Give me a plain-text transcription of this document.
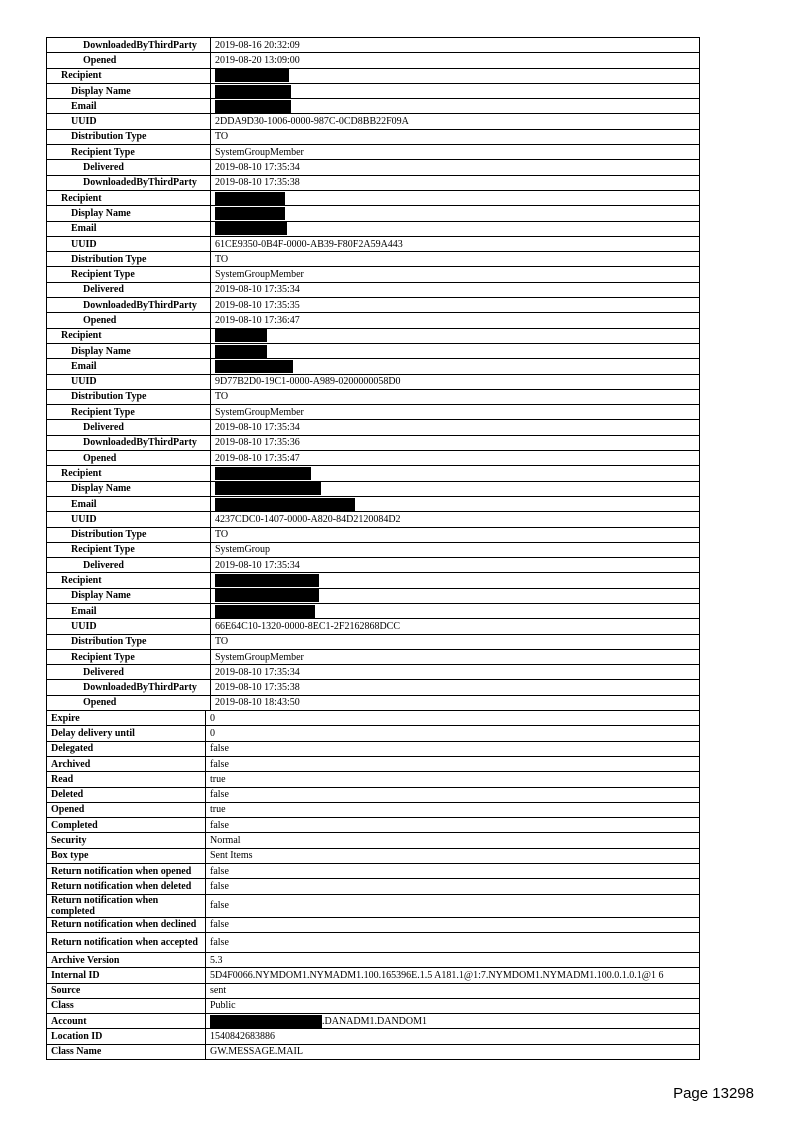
DownloadedByThirdParty	2019-08-16 20:32:09
Opened	2019-08-20 13:09:00
Recipient	
Display Name	
Email	
UUID	2DDA9D30-1006-0000-987C-0CD8BB22F09A
Distribution Type	TO
Recipient Type	SystemGroupMember
Delivered	2019-08-10 17:35:34
DownloadedByThirdParty	2019-08-10 17:35:38
Recipient	
Display Name	
Email	
UUID	61CE9350-0B4F-0000-AB39-F80F2A59A443
Distribution Type	TO
Recipient Type	SystemGroupMember
Delivered	2019-08-10 17:35:34
DownloadedByThirdParty	2019-08-10 17:35:35
Opened	2019-08-10 17:36:47
Recipient	
Display Name	
Email	
UUID	9D77B2D0-19C1-0000-A989-0200000058D0
Distribution Type	TO
Recipient Type	SystemGroupMember
Delivered	2019-08-10 17:35:34
DownloadedByThirdParty	2019-08-10 17:35:36
Opened	2019-08-10 17:35:47
Recipient	
Display Name	
Email	
UUID	4237CDC0-1407-0000-A820-84D2120084D2
Distribution Type	TO
Recipient Type	SystemGroup
Delivered	2019-08-10 17:35:34
Recipient	
Display Name	
Email	
UUID	66E64C10-1320-0000-8EC1-2F2162868DCC
Distribution Type	TO
Recipient Type	SystemGroupMember
Delivered	2019-08-10 17:35:34
DownloadedByThirdParty	2019-08-10 17:35:38
Opened	2019-08-10 18:43:50
Expire	0
Delay delivery until	0
Delegated	false
Archived	false
Read	true
Deleted	false
Opened	true
Completed	false
Security	Normal
Box type	Sent Items
Return notification when opened	false
Return notification when deleted	false
Return notification when completed	false
Return notification when declined	false
Return notification when accepted	false
Archive Version	5.3
Internal ID	5D4F0066.NYMDOM1.NYMADM1.100.165396E.1.5 A181.1@1:7.NYMDOM1.NYMADM1.100.0.1.0.1@1 6
Source	sent
Class	Public
Account	.DANADM1.DANDOM1
Location ID	1540842683886
Class Name	GW.MESSAGE.MAIL
Page 13298
